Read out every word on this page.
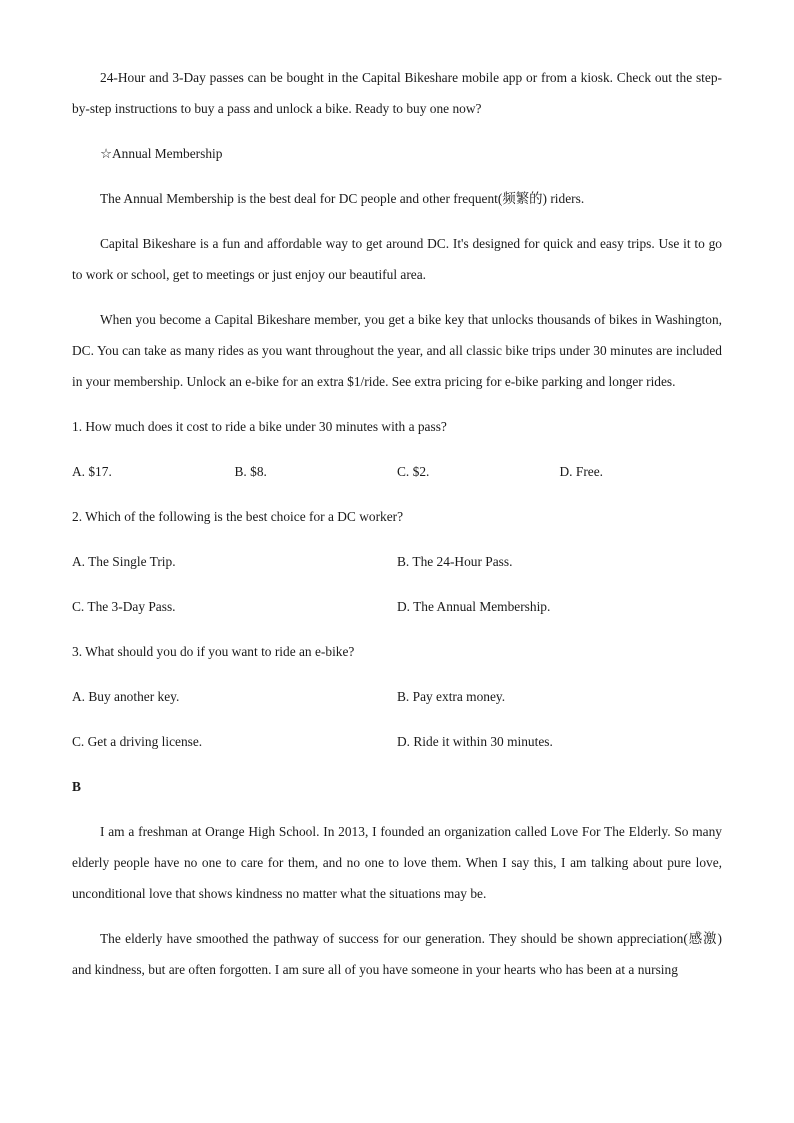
24-Hour and 3-Day passes can be bought in the Capital Bikeshare mobile app or from a kiosk. Check out the step-by-step instructions to buy a pass and unlock a bike. Ready to buy one now?

☆Annual Membership

The Annual Membership is the best deal for DC people and other frequent(频繁的) riders.

Capital Bikeshare is a fun and affordable way to get around DC. It's designed for quick and easy trips. Use it to go to work or school, get to meetings or just enjoy our beautiful area.

When you become a Capital Bikeshare member, you get a bike key that unlocks thousands of bikes in Washington, DC. You can take as many rides as you want throughout the year, and all classic bike trips under 30 minutes are included in your membership. Unlock an e-bike for an extra $1/ride. See extra pricing for e-bike parking and longer rides.

1. How much does it cost to ride a bike under 30 minutes with a pass?

A. $17.	B. $8.	C. $2.	D. Free.

2. Which of the following is the best choice for a DC worker?

A. The Single Trip.	B. The 24-Hour Pass.
C. The 3-Day Pass.	D. The Annual Membership.

3. What should you do if you want to ride an e-bike?

A. Buy another key.	B. Pay extra money.
C. Get a driving license.	D. Ride it within 30 minutes.

B

I am a freshman at Orange High School. In 2013, I founded an organization called Love For The Elderly. So many elderly people have no one to care for them, and no one to love them. When I say this, I am talking about pure love, unconditional love that shows kindness no matter what the situations may be.

The elderly have smoothed the pathway of success for our generation. They should be shown appreciation(感激) and kindness, but are often forgotten. I am sure all of you have someone in your hearts who has been at a nursing
